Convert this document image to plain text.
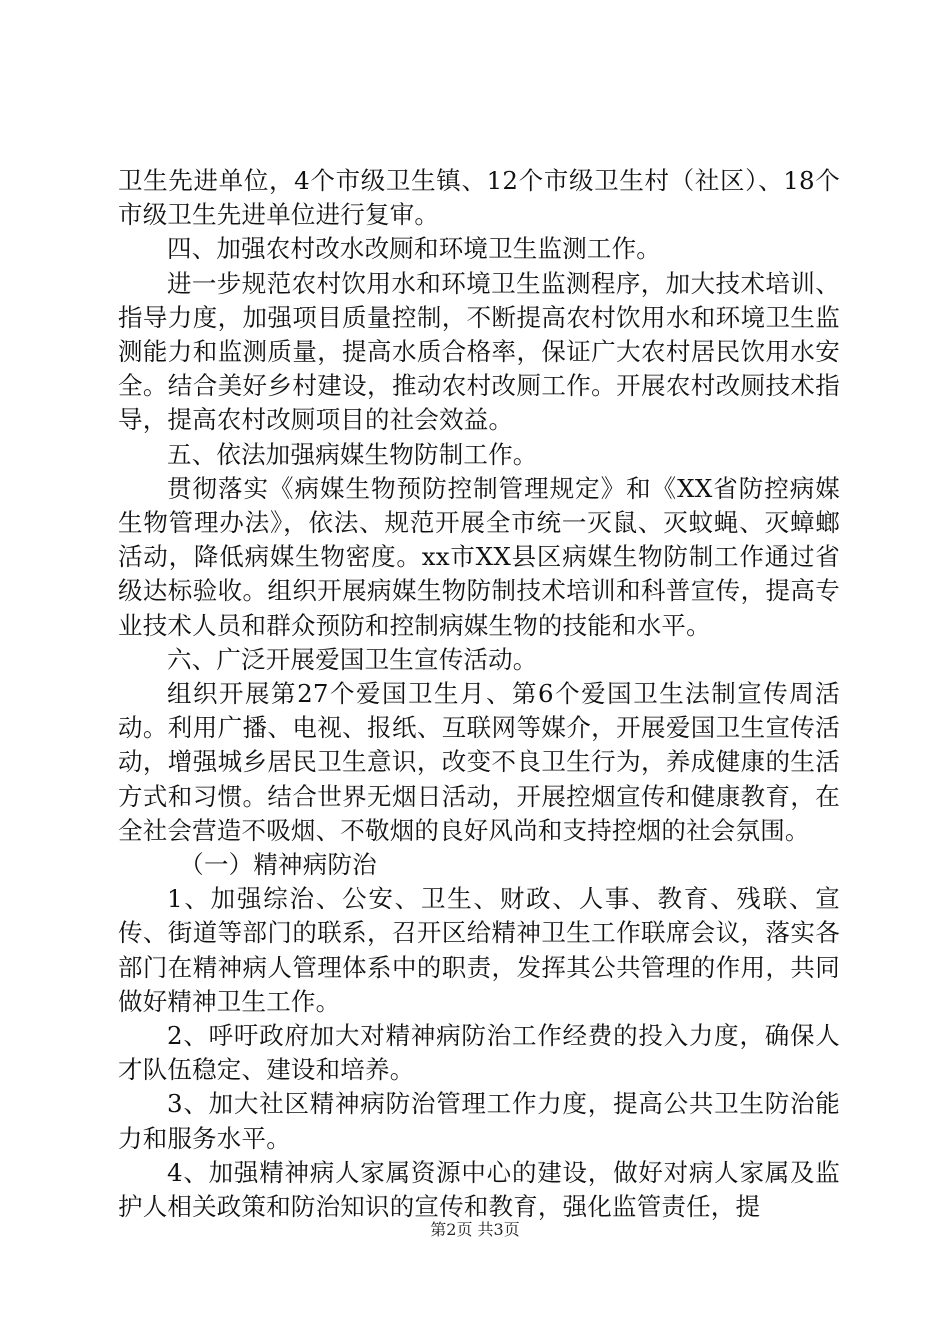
卫生先进单位，4个市级卫生镇、12个市级卫生村（社区）、18个市级卫生先进单位进行复审。

四、加强农村改水改厕和环境卫生监测工作。

进一步规范农村饮用水和环境卫生监测程序，加大技术培训、指导力度，加强项目质量控制，不断提高农村饮用水和环境卫生监测能力和监测质量，提高水质合格率，保证广大农村居民饮用水安全。结合美好乡村建设，推动农村改厕工作。开展农村改厕技术指导，提高农村改厕项目的社会效益。

五、依法加强病媒生物防制工作。

贯彻落实《病媒生物预防控制管理规定》和《XX省防控病媒生物管理办法》，依法、规范开展全市统一灭鼠、灭蚊蝇、灭蟑螂活动，降低病媒生物密度。xx市XX县区病媒生物防制工作通过省级达标验收。组织开展病媒生物防制技术培训和科普宣传，提高专业技术人员和群众预防和控制病媒生物的技能和水平。

六、广泛开展爱国卫生宣传活动。

组织开展第27个爱国卫生月、第6个爱国卫生法制宣传周活动。利用广播、电视、报纸、互联网等媒介，开展爱国卫生宣传活动，增强城乡居民卫生意识，改变不良卫生行为，养成健康的生活方式和习惯。结合世界无烟日活动，开展控烟宣传和健康教育，在全社会营造不吸烟、不敬烟的良好风尚和支持控烟的社会氛围。

（一）精神病防治

1、加强综治、公安、卫生、财政、人事、教育、残联、宣传、街道等部门的联系，召开区给精神卫生工作联席会议，落实各部门在精神病人管理体系中的职责，发挥其公共管理的作用，共同做好精神卫生工作。

2、呼吁政府加大对精神病防治工作经费的投入力度，确保人才队伍稳定、建设和培养。

3、加大社区精神病防治管理工作力度，提高公共卫生防治能力和服务水平。

4、加强精神病人家属资源中心的建设，做好对病人家属及监护人相关政策和防治知识的宣传和教育，强化监管责任，提

第2页 共3页
